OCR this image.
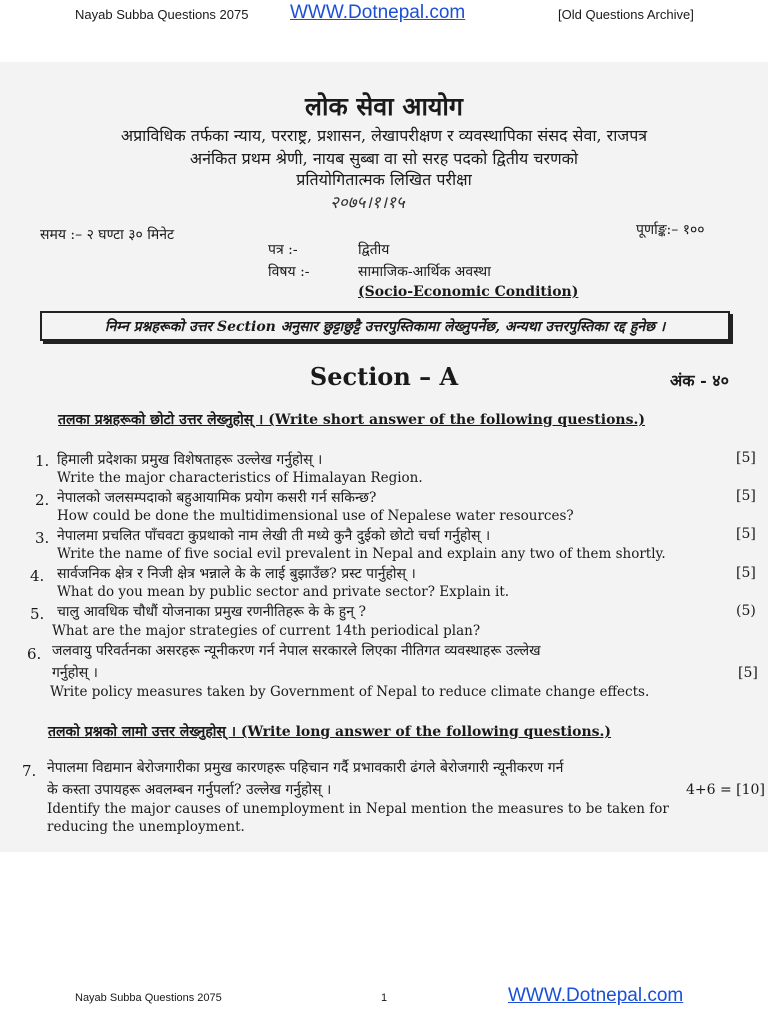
Nayab Subba Questions 2075 WWW.Dotnepal.com	[Old Questions Archive]
लोक सेवा आयोग
अप्राविधिक तर्फका न्याय, परराष्ट्र, प्रशासन, लेखापरीक्षण र व्यवस्थापिका संसद सेवा, राजपत्र
अनंकित प्रथम श्रेणी, नायब सुब्बा वा सो सरह पदको द्वितीय चरणको
प्रतियोगितात्मक लिखित परीक्षा
२०७५।१।१५
समय :– २ घण्टा ३० मिनेट	पूर्णाङ्क:– १००
पत्र :-	द्वितीय
विषय :-	सामाजिक-आर्थिक अवस्था
(Socio-Economic Condition)
निम्न प्रश्नहरूको उत्तर Section अनुसार छुट्टाछुट्टै उत्तरपुस्तिकामा लेख्नुपर्नेछ, अन्यथा उत्तरपुस्तिका रद्द हुनेछ ।
Section – A	अंक - ४०
तलका प्रश्नहरूको छोटो उत्तर लेख्नुहोस् । (Write short answer of the following questions.)
1. हिमाली प्रदेशका प्रमुख विशेषताहरू उल्लेख गर्नुहोस् ।	[5]
Write the major characteristics of Himalayan Region.
2. नेपालको जलसम्पदाको बहुआयामिक प्रयोग कसरी गर्न सकिन्छ?	[5]
How could be done the multidimensional use of Nepalese water resources?
3. नेपालमा प्रचलित पाँचवटा कुप्रथाको नाम लेखी ती मध्ये कुनै दुईको छोटो चर्चा गर्नुहोस् ।	[5]
Write the name of five social evil prevalent in Nepal and explain any two of them shortly.
4. सार्वजनिक क्षेत्र र निजी क्षेत्र भन्नाले के के लाई बुझाउँछ? प्रस्ट पार्नुहोस् ।	[5]
What do you mean by public sector and private sector? Explain it.
5. चालु आवधिक चौधौं योजनाका प्रमुख रणनीतिहरू के के हुन् ?	(5)
What are the major strategies of current 14th periodical plan?
6. जलवायु परिवर्तनका असरहरू न्यूनीकरण गर्न नेपाल सरकारले लिएका नीतिगत व्यवस्थाहरू उल्लेख
गर्नुहोस् ।	[5]
Write policy measures taken by Government of Nepal to reduce climate change effects.
तलको प्रश्नको लामो उत्तर लेख्नुहोस् । (Write long answer of the following questions.)
7. नेपालमा विद्यमान बेरोजगारीका प्रमुख कारणहरू पहिचान गर्दै प्रभावकारी ढंगले बेरोजगारी न्यूनीकरण गर्न
के कस्ता उपायहरू अवलम्बन गर्नुपर्ला? उल्लेख गर्नुहोस् ।	4+6 = [10]
Identify the major causes of unemployment in Nepal mention the measures to be taken for
reducing the unemployment.
Nayab Subba Questions 2075	1	WWW.Dotnepal.com
